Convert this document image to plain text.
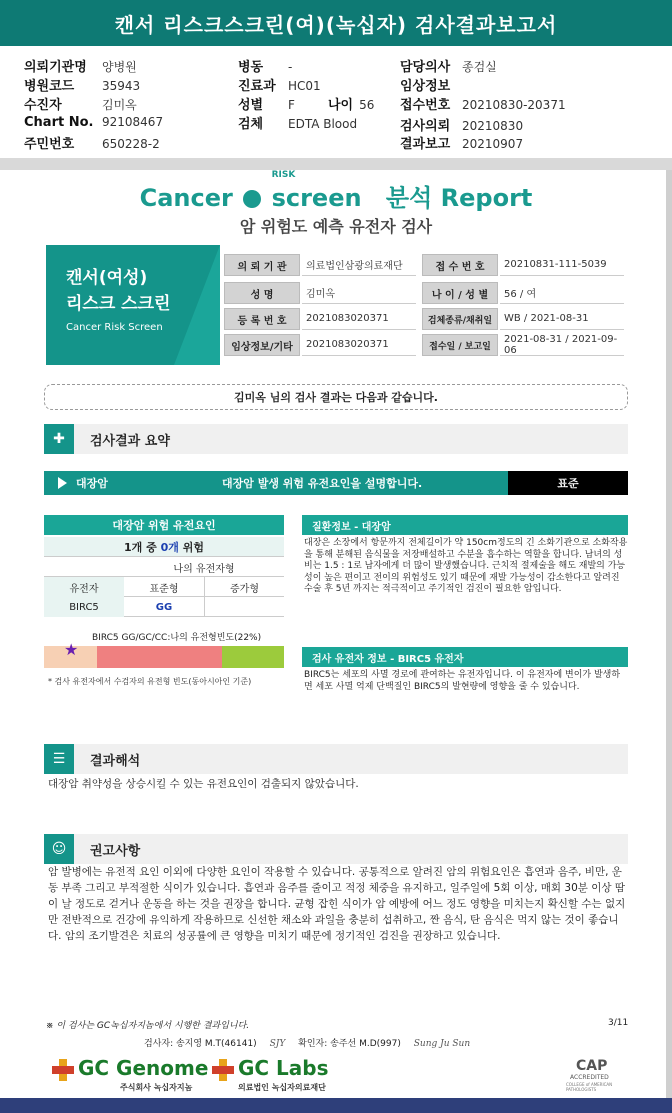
캔서 리스크스크린(여)(녹십자) 검사결과보고서
의뢰기관명 양병원
병원코드 35943
수진자	김미옥
Chart No. 92108467
주민번호 650228-2
병동 -
진료과 HC01
성별 F	나이 56
검체 EDTA Blood
담당의사 종검실
임상정보
접수번호 20210830-20371
검사의뢰 20210830
결과보고 20210907
Cancer screen 분석 Report
RISK
암 위험도 예측 유전자 검사
캔서(여성)
리스크 스크린
Cancer Risk Screen
의 뢰 기 관	의료법인삼광의료재단
성 명	김미옥
등 록 번 호	2021083020371
임상정보/기타	2021083020371
접 수 번 호	20210831-111-5039
나 이 / 성 별	56 / 여
검체종류/채취일	WB / 2021-08-31
접수일 / 보고일
2021-08-31 / 2021-09-06
김미옥 님의 검사 결과는 다음과 같습니다.
✚	검사결과 요약
대장암	대장암 발생 위험 유전요인을 설명합니다.	표준
대장암 위험 유전요인
1개 중
0개
위험
나의 유전자형
유전자	표준형	증가형
BIRC5	GG
BIRC5 GG/GC/CC:나의 유전형빈도(22%)
★
* 검사 유전자에서 수검자의 유전형 빈도(동아시아인 기준)
질환정보 - 대장암
대장은 소장에서 항문까지 전체길이가 약 150cm정도의 긴 소화기관으로 소화작용을 통해 분해된 음식물을 저장배설하고 수분을 흡수하는 역할을 합니다. 남녀의 성비는 1.5 : 1로 남자에게 더 많이 발생했습니다. 근치적 절제술을 해도 재발의 가능성이 높은 편이고 전이의 위험성도 있기 때문에 재발 가능성이 감소한다고 알려진 수술 후 5년 까지는 적극적이고 주기적인 검진이 필요한 암입니다.
검사 유전자 정보 - BIRC5 유전자
BIRC5는 세포의 사멸 경로에 관여하는 유전자입니다. 이 유전자에 변이가 발생하면 세포 사멸 억제 단백질인 BIRC5의 발현량에 영향을 줄 수 있습니다.
☰	결과해석
대장암 취약성을 상승시킬 수 있는 유전요인이 검출되지 않았습니다.
☺	권고사항
암 발병에는 유전적 요인 이외에 다양한 요인이 작용할 수 있습니다. 공통적으로 알려진 암의 위험요인은 흡연과 음주, 비만, 운동 부족 그리고 부적절한 식이가 있습니다. 흡연과 음주를 줄이고 적정 체중을 유지하고, 일주일에 5회 이상, 매회 30분 이상 땀이 날 정도로 걷거나 운동을 하는 것을 권장을 합니다. 균형 잡힌 식이가 암 예방에 어느 정도 영향을 미치는지 확신할 수는 없지만 전반적으로 건강에 유익하게 작용하므로 신선한 채소와 과일을 충분히 섭취하고, 짠 음식, 탄 음식은 먹지 않는 것이 좋습니다. 암의 조기발견은 치료의 성공률에 큰 영향을 미치기 때문에 정기적인 검진을 권장하고 있습니다.
※ 이 검사는 GC녹십자지놈에서 시행한 결과입니다.	3/11
검사자: 송지영 M.T(46141) SJY 확인자: 송주선 M.D(997) Sung Ju Sun
GC Genome
주식회사 녹십자지놈
GC Labs
의료법인 녹십자의료재단
CAP
ACCREDITED
COLLEGE of AMERICAN PATHOLOGISTS
